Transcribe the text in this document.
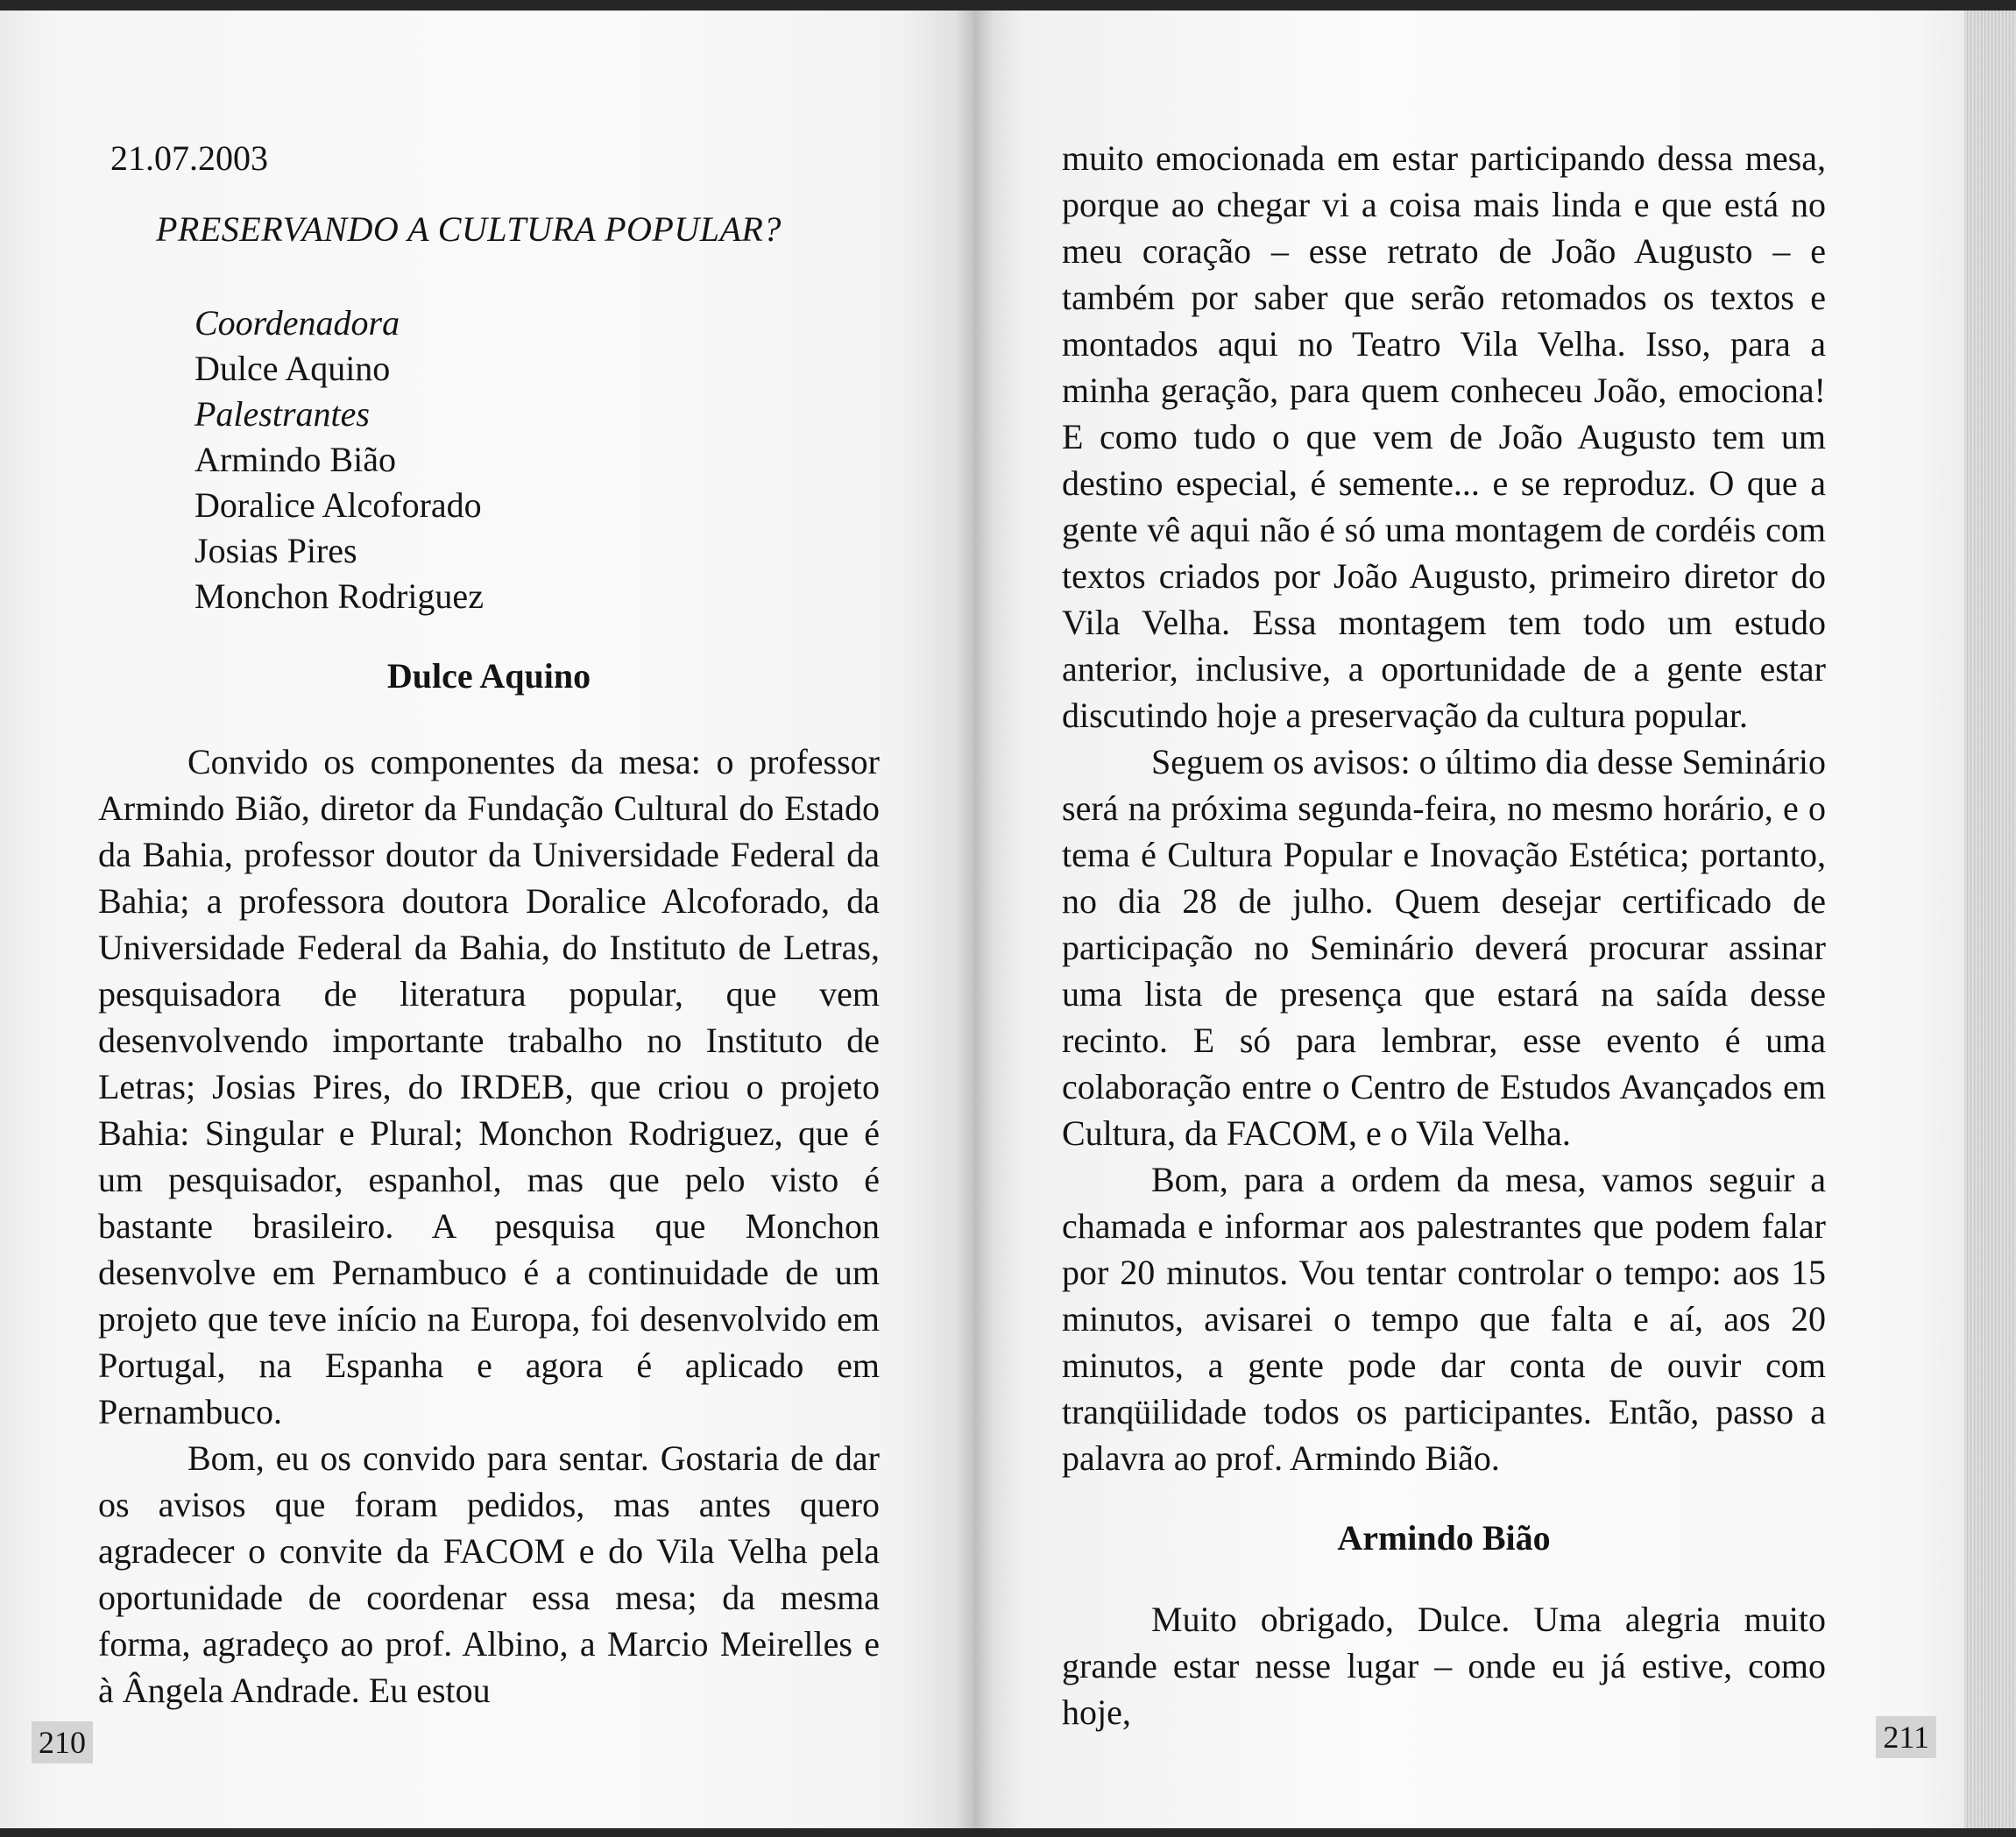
21.07.2003

PRESERVANDO A CULTURA POPULAR?

Coordenadora
Dulce Aquino
Palestrantes
Armindo Bião
Doralice Alcoforado
Josias Pires
Monchon Rodriguez

Dulce Aquino

Convido os componentes da mesa: o professor Armindo Bião, diretor da Fundação Cultural do Estado da Bahia, professor doutor da Universidade Federal da Bahia; a professora doutora Doralice Alcoforado, da Universidade Federal da Bahia, do Instituto de Letras, pesquisadora de literatura popular, que vem desenvolvendo importante trabalho no Instituto de Letras; Josias Pires, do IRDEB, que criou o projeto Bahia: Singular e Plural; Monchon Rodriguez, que é um pesquisador, espanhol, mas que pelo visto é bastante brasileiro. A pesquisa que Monchon desenvolve em Pernambuco é a continuidade de um projeto que teve início na Europa, foi desenvolvido em Portugal, na Espanha e agora é aplicado em Pernambuco.

Bom, eu os convido para sentar. Gostaria de dar os avisos que foram pedidos, mas antes quero agradecer o convite da FACOM e do Vila Velha pela oportunidade de coordenar essa mesa; da mesma forma, agradeço ao prof. Albino, a Marcio Meirelles e à Ângela Andrade. Eu estou

210

muito emocionada em estar participando dessa mesa, porque ao chegar vi a coisa mais linda e que está no meu coração – esse retrato de João Augusto – e também por saber que serão retomados os textos e montados aqui no Teatro Vila Velha. Isso, para a minha geração, para quem conheceu João, emociona! E como tudo o que vem de João Augusto tem um destino especial, é semente... e se reproduz. O que a gente vê aqui não é só uma montagem de cordéis com textos criados por João Augusto, primeiro diretor do Vila Velha. Essa montagem tem todo um estudo anterior, inclusive, a oportunidade de a gente estar discutindo hoje a preservação da cultura popular.

Seguem os avisos: o último dia desse Seminário será na próxima segunda-feira, no mesmo horário, e o tema é Cultura Popular e Inovação Estética; portanto, no dia 28 de julho. Quem desejar certificado de participação no Seminário deverá procurar assinar uma lista de presença que estará na saída desse recinto. E só para lembrar, esse evento é uma colaboração entre o Centro de Estudos Avançados em Cultura, da FACOM, e o Vila Velha.

Bom, para a ordem da mesa, vamos seguir a chamada e informar aos palestrantes que podem falar por 20 minutos. Vou tentar controlar o tempo: aos 15 minutos, avisarei o tempo que falta e aí, aos 20 minutos, a gente pode dar conta de ouvir com tranqüilidade todos os participantes. Então, passo a palavra ao prof. Armindo Bião.

Armindo Bião

Muito obrigado, Dulce. Uma alegria muito grande estar nesse lugar – onde eu já estive, como hoje,

211
